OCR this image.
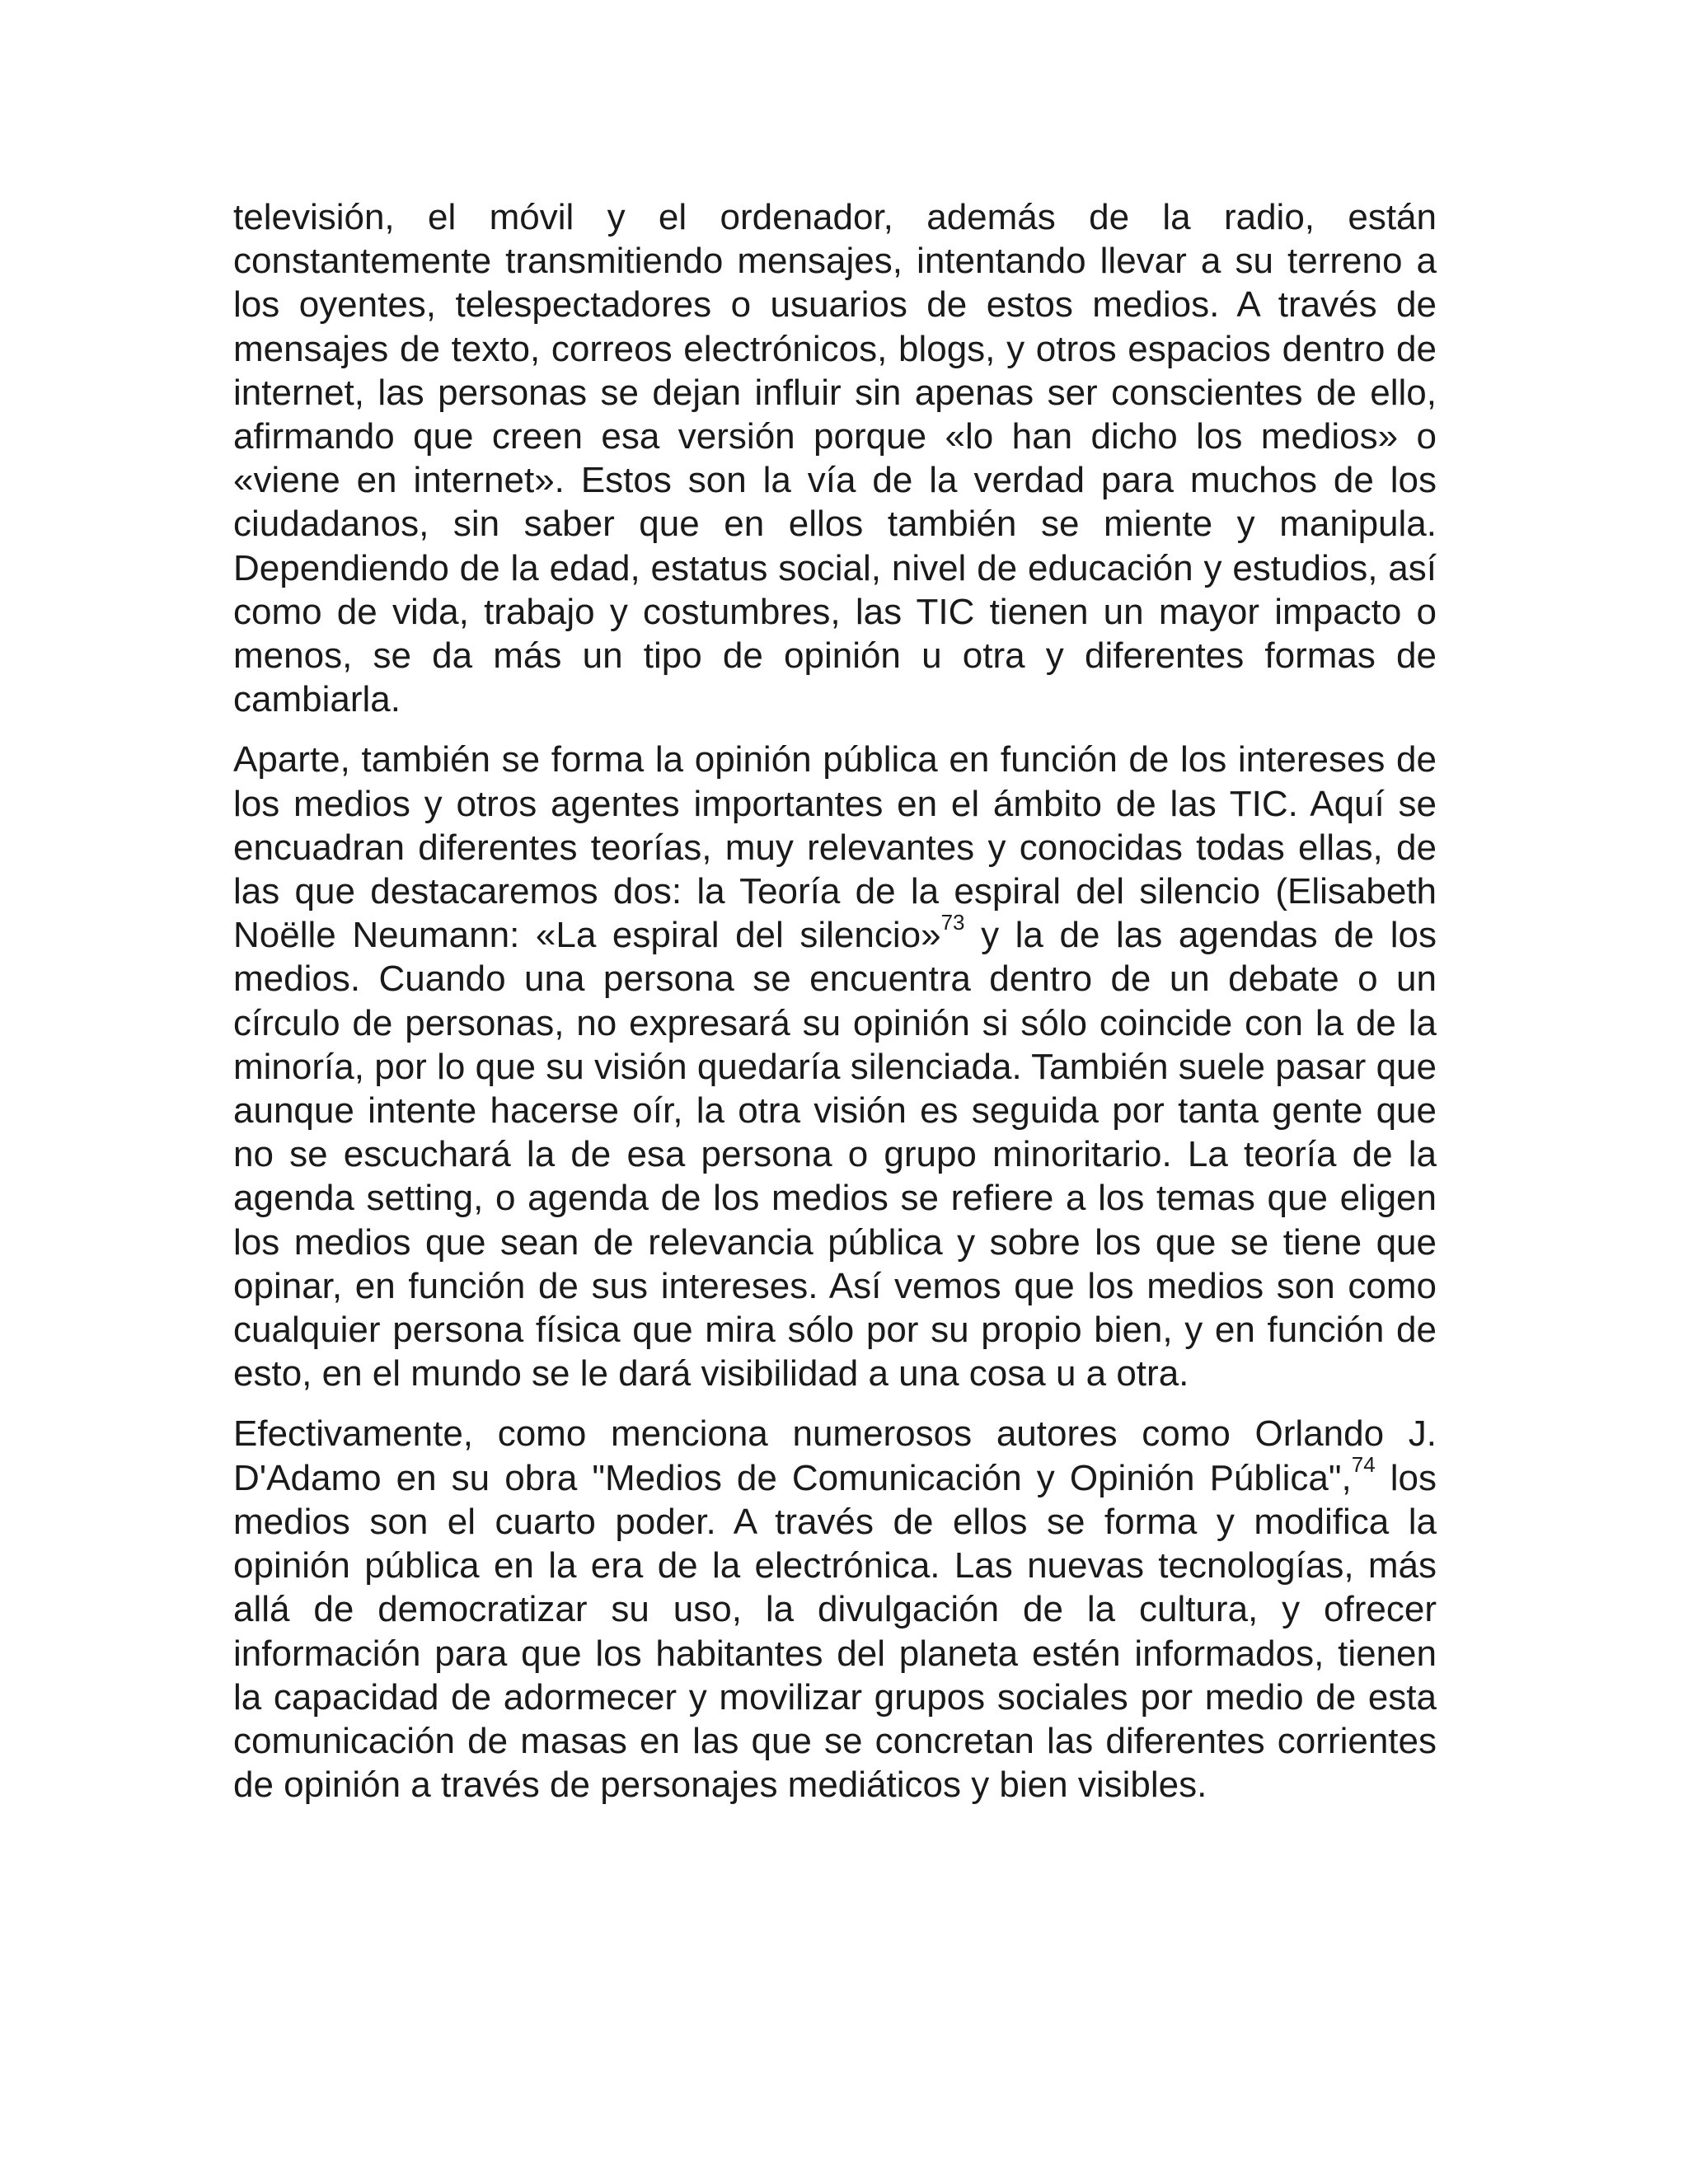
televisión, el móvil y el ordenador, además de la radio, están constantemente transmitiendo mensajes, intentando llevar a su terreno a los oyentes, telespectadores o usuarios de estos medios. A través de mensajes de texto, correos electrónicos, blogs, y otros espacios dentro de internet, las personas se dejan influir sin apenas ser conscientes de ello, afirmando que creen esa versión porque «lo han dicho los medios» o «viene en internet». Estos son la vía de la verdad para muchos de los ciudadanos, sin saber que en ellos también se miente y manipula. Dependiendo de la edad, estatus social, nivel de educación y estudios, así como de vida, trabajo y costumbres, las TIC tienen un mayor impacto o menos, se da más un tipo de opinión u otra y diferentes formas de cambiarla.

Aparte, también se forma la opinión pública en función de los intereses de los medios y otros agentes importantes en el ámbito de las TIC. Aquí se encuadran diferentes teorías, muy relevantes y conocidas todas ellas, de las que destacaremos dos: la Teoría de la espiral del silencio (Elisabeth Noëlle Neumann: «La espiral del silencio»$^{73}$ y la de las agendas de los medios. Cuando una persona se encuentra dentro de un debate o un círculo de personas, no expresará su opinión si sólo coincide con la de la minoría, por lo que su visión quedaría silenciada. También suele pasar que aunque intente hacerse oír, la otra visión es seguida por tanta gente que no se escuchará la de esa persona o grupo minoritario. La teoría de la agenda setting, o agenda de los medios se refiere a los temas que eligen los medios que sean de relevancia pública y sobre los que se tiene que opinar, en función de sus intereses. Así vemos que los medios son como cualquier persona física que mira sólo por su propio bien, y en función de esto, en el mundo se le dará visibilidad a una cosa u a otra.

Efectivamente, como menciona numerosos autores como Orlando J. D'Adamo en su obra "Medios de Comunicación y Opinión Pública",$^{74}$ los medios son el cuarto poder. A través de ellos se forma y modifica la opinión pública en la era de la electrónica. Las nuevas tecnologías, más allá de democratizar su uso, la divulgación de la cultura, y ofrecer información para que los habitantes del planeta estén informados, tienen la capacidad de adormecer y movilizar grupos sociales por medio de esta comunicación de masas en las que se concretan las diferentes corrientes de opinión a través de personajes mediáticos y bien visibles.
